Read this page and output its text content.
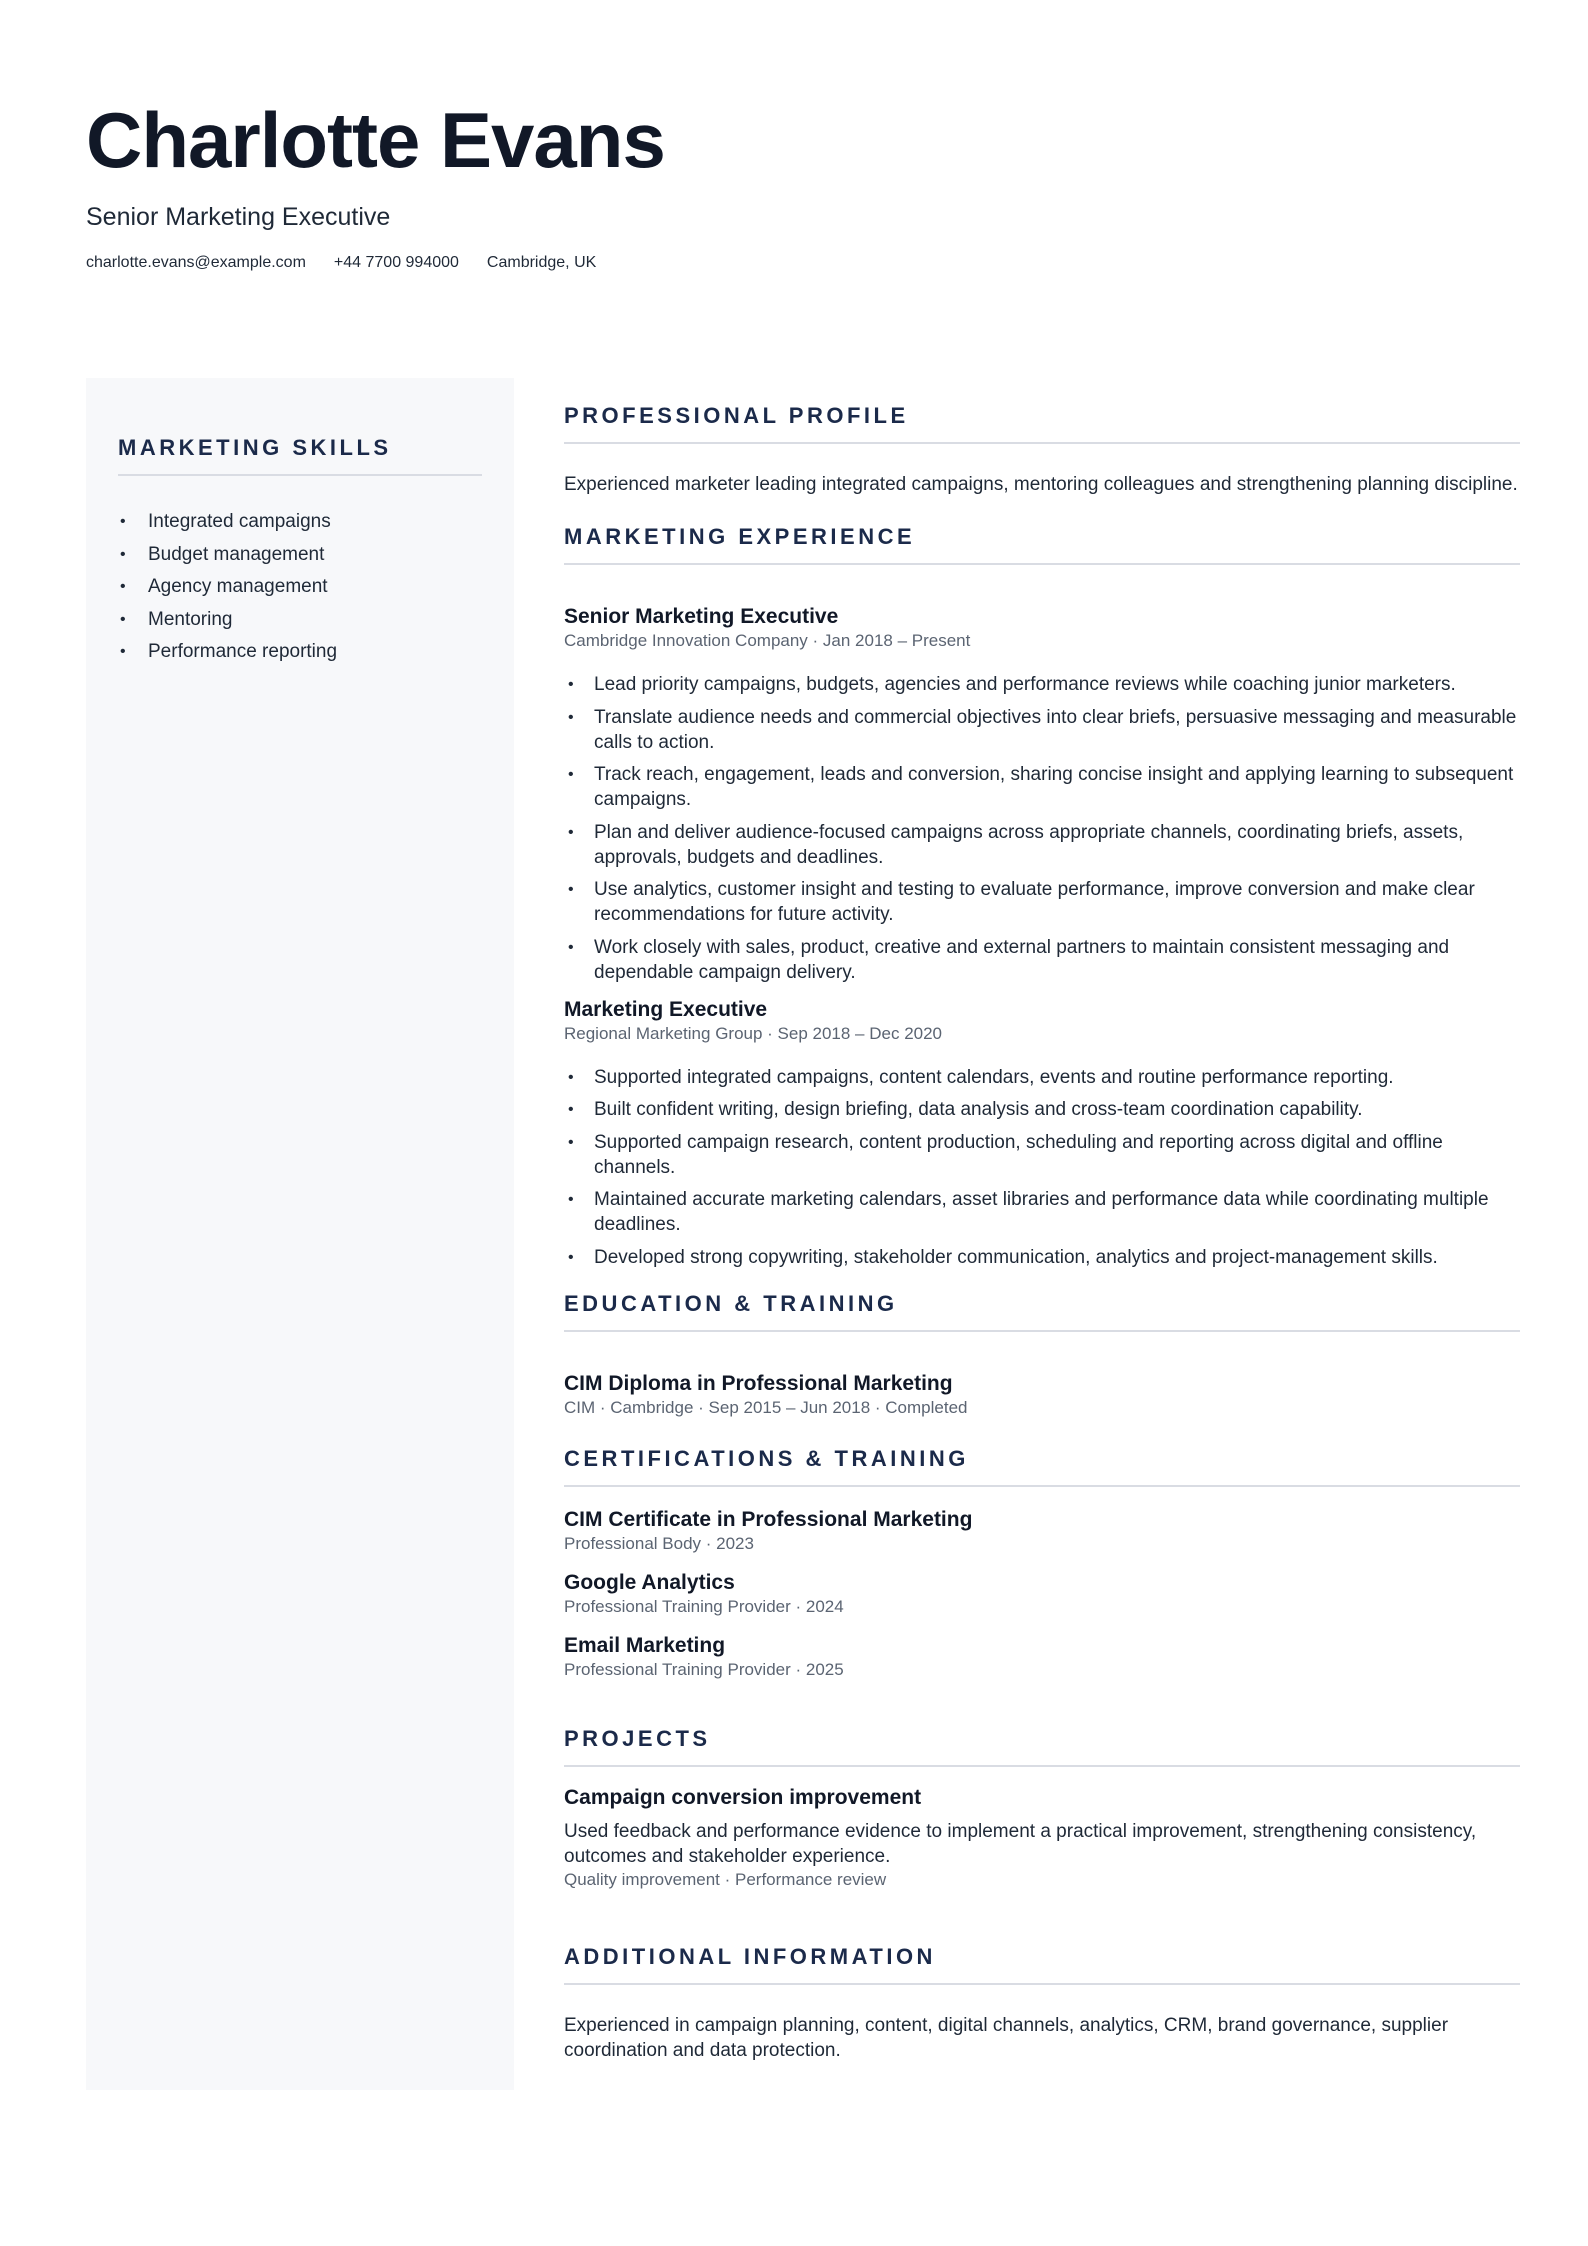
Charlotte Evans
Senior Marketing Executive
charlotte.evans@example.com +44 7700 994000 Cambridge, UK
MARKETING SKILLS
• Integrated campaigns
• Budget management
• Agency management
• Mentoring
• Performance reporting
PROFESSIONAL PROFILE

Experienced marketer leading integrated campaigns, mentoring colleagues and strengthening planning discipline.

MARKETING EXPERIENCE
Senior Marketing Executive

Cambridge Innovation Company · Jan 2018 – Present

• Lead priority campaigns, budgets, agencies and performance reviews while coaching junior marketers.
• Translate audience needs and commercial objectives into clear briefs, persuasive messaging and measurable calls to action.
• Track reach, engagement, leads and conversion, sharing concise insight and applying learning to subsequent campaigns.
• Plan and deliver audience-focused campaigns across appropriate channels, coordinating briefs, assets, approvals, budgets and deadlines.
• Use analytics, customer insight and testing to evaluate performance, improve conversion and make clear recommendations for future activity.
• Work closely with sales, product, creative and external partners to maintain consistent messaging and dependable campaign delivery.
Marketing Executive

Regional Marketing Group · Sep 2018 – Dec 2020

• Supported integrated campaigns, content calendars, events and routine performance reporting.
• Built confident writing, design briefing, data analysis and cross-team coordination capability.
• Supported campaign research, content production, scheduling and reporting across digital and offline channels.
• Maintained accurate marketing calendars, asset libraries and performance data while coordinating multiple deadlines.
• Developed strong copywriting, stakeholder communication, analytics and project-management skills.
EDUCATION & TRAINING
CIM Diploma in Professional Marketing

CIM · Cambridge · Sep 2015 – Jun 2018 · Completed

CERTIFICATIONS & TRAINING
CIM Certificate in Professional Marketing

Professional Body · 2023

Google Analytics

Professional Training Provider · 2024

Email Marketing

Professional Training Provider · 2025

PROJECTS
Campaign conversion improvement

Used feedback and performance evidence to implement a practical improvement, strengthening consistency, outcomes and stakeholder experience.

Quality improvement · Performance review

ADDITIONAL INFORMATION

Experienced in campaign planning, content, digital channels, analytics, CRM, brand governance, supplier coordination and data protection.
